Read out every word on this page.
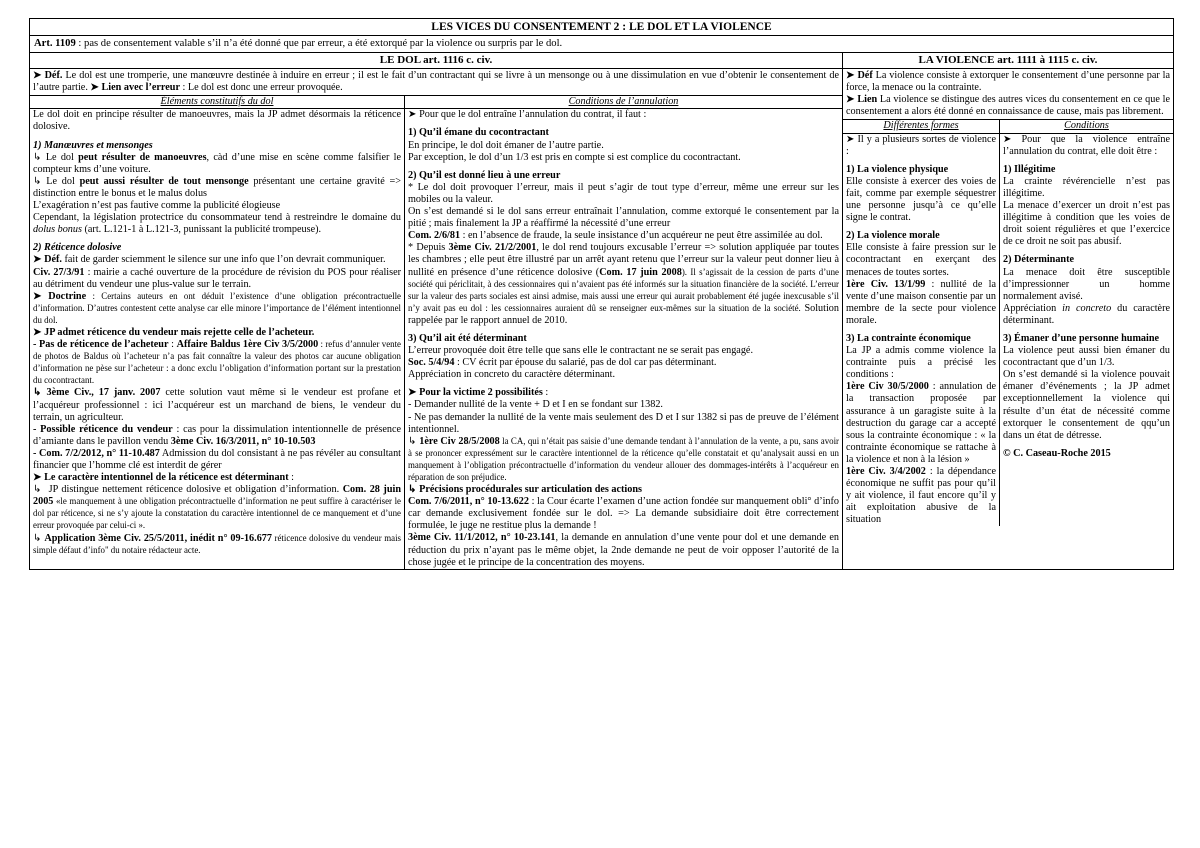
LES VICES DU CONSENTEMENT 2 : LE DOL ET LA VIOLENCE
Art. 1109 : pas de consentement valable s’il n’a été donné que par erreur, a été extorqué par la violence ou surpris par le dol.
LE DOL art. 1116 c. civ.

➤ Déf. Le dol est une tromperie, une manœuvre destinée à induire en erreur ; il est le fait d’un contractant qui se livre à un mensonge ou à une dissimulation en vue d’obtenir le consentement de l’autre partie. ➤ Lien avec l’erreur : Le dol est donc une erreur provoquée.

Éléments constitutifs du dol	Conditions de l’annulation

Le dol doit en principe résulter de manoeuvres, mais la JP admet désormais la réticence dolosive.

1) Manœuvres et mensonges

↳ Le dol peut résulter de manoeuvres, càd d’une mise en scène comme falsifier le compteur kms d’une voiture.

↳ Le dol peut aussi résulter de tout mensonge présentant une certaine gravité => distinction entre le bonus et le malus dolus

L’exagération n’est pas fautive comme la publicité élogieuse

Cependant, la législation protectrice du consommateur tend à restreindre le domaine du dolus bonus (art. L.121-1 à L.121-3, punissant la publicité trompeuse).

2) Réticence dolosive

➤ Déf. fait de garder sciemment le silence sur une info que l’on devrait communiquer.

Civ. 27/3/91 : mairie a caché ouverture de la procédure de révision du POS pour réaliser au détriment du vendeur une plus-value sur le terrain.

➤ Doctrine : Certains auteurs en ont déduit l’existence d’une obligation précontractuelle d’information. D’autres contestent cette analyse car elle minore l’importance de l’élément intentionnel du dol.

➤ JP admet réticence du vendeur mais rejette celle de l’acheteur.

- Pas de réticence de l’acheteur : Affaire Baldus 1ère Civ 3/5/2000 : refus d’annuler vente de photos de Baldus où l’acheteur n’a pas fait connaître la valeur des photos car aucune obligation d’information ne pèse sur l’acheteur : a donc exclu l’obligation d’information portant sur la prestation du cocontractant.

↳ 3ème Civ., 17 janv. 2007 cette solution vaut même si le vendeur est profane et l’acquéreur professionnel : ici l’acquéreur est un marchand de biens, le vendeur du terrain, un agriculteur.

- Possible réticence du vendeur : cas pour la dissimulation intentionnelle de présence d’amiante dans le pavillon vendu 3ème Civ. 16/3/2011, n° 10-10.503

- Com. 7/2/2012, n° 11-10.487 Admission du dol consistant à ne pas révéler au consultant financier que l’homme clé est interdit de gérer

➤ Le caractère intentionnel de la réticence est déterminant :

↳  JP distingue nettement réticence dolosive et obligation d’information. Com. 28 juin 2005 «le manquement à une obligation précontractuelle d’information ne peut suffire à caractériser le dol par réticence, si ne s’y ajoute la constatation du caractère intentionnel de ce manquement et d’une erreur provoquée par celui-ci ».

↳ Application 3ème Civ. 25/5/2011, inédit n° 09-16.677 réticence dolosive du vendeur mais simple défaut d’info" du notaire rédacteur acte.

➤ Pour que le dol entraîne l’annulation du contrat, il faut :

1) Qu’il émane du cocontractant

En principe, le dol doit émaner de l’autre partie.

Par exception, le dol d’un 1/3 est pris en compte si est complice du cocontractant.

2) Qu’il est donné lieu à une erreur

* Le dol doit provoquer l’erreur, mais il peut s’agir de tout type d’erreur, même une erreur sur les mobiles ou la valeur.

On s’est demandé si le dol sans erreur entraînait l’annulation, comme extorqué le consentement par la pitié ; mais finalement la JP a réaffirmé la nécessité d’une erreur

Com. 2/6/81 : en l’absence de fraude, la seule insistance d’un acquéreur ne peut être assimilée au dol.

* Depuis 3ème Civ. 21/2/2001, le dol rend toujours excusable l’erreur => solution appliquée par toutes les chambres ; elle peut être illustré par un arrêt ayant retenu que l’erreur sur la valeur peut donner lieu à nullité en présence d’une réticence dolosive (Com. 17 juin 2008). Il s’agissait de la cession de parts d’une société qui périclitait, à des cessionnaires qui n’avaient pas été informés sur la situation financière de la société. L’erreur sur la valeur des parts sociales est ainsi admise, mais aussi une erreur qui aurait probablement été jugée inexcusable s’il n’y avait pas eu dol : les cessionnaires auraient dû se renseigner eux-mêmes sur la situation de la société. Solution rappelée par le rapport annuel de 2010.

3) Qu’il ait été déterminant

L’erreur provoquée doit être telle que sans elle le contractant ne se serait pas engagé.

Soc. 5/4/94 : CV écrit par épouse du salarié, pas de dol car pas déterminant.

Appréciation in concreto du caractère déterminant.

➤ Pour la victime 2 possibilités :

- Demander nullité de la vente + D et I en se fondant sur 1382.

- Ne pas demander la nullité de la vente mais seulement des D et I sur 1382 si pas de preuve de l’élément intentionnel.

↳ 1ère Civ 28/5/2008 la CA, qui n’était pas saisie d’une demande tendant à l’annulation de la vente, a pu, sans avoir à se prononcer expressément sur le caractère intentionnel de la réticence qu’elle constatait et qu’analysait aussi en un manquement à l’obligation précontractuelle d’information du vendeur allouer des dommages-intérêts à l’acquéreur en réparation de son préjudice.

↳ Précisions procédurales sur articulation des actions

Com. 7/6/2011, n° 10-13.622 : la Cour écarte l’examen d’une action fondée sur manquement obli° d’info car demande exclusivement fondée sur le dol. => La demande subsidiaire doit être correctement formulée, le juge ne restitue plus la demande !

3ème Civ. 11/1/2012, n° 10-23.141, la demande en annulation d’une vente pour dol et une demande en réduction du prix n’ayant pas le même objet, la 2nde demande ne peut de voir opposer l’autorité de la chose jugée et le principe de la concentration des moyens.

LA VIOLENCE art. 1111 à 1115 c. civ.

➤ Déf La violence consiste à extorquer le consentement d’une personne par la force, la menace ou la contrainte.

➤ Lien La violence se distingue des autres vices du consentement en ce que le consentement a alors été donné en connaissance de cause, mais pas librement.

Différentes formes	Conditions

➤ Il y a plusieurs sortes de violence :

1) La violence physique

Elle consiste à exercer des voies de fait, comme par exemple séquestrer une personne jusqu’à ce qu’elle signe le contrat.

2) La violence morale

Elle consiste à faire pression sur le cocontractant en exerçant des menaces de toutes sortes.

1ère Civ. 13/1/99 : nullité de la vente d’une maison consentie par un membre de la secte pour violence morale.

3) La contrainte économique

La JP a admis comme violence la contrainte puis a précisé les conditions :

1ère Civ 30/5/2000 : annulation de la transaction proposée par assurance à un garagiste suite à la destruction du garage car a accepté sous la contrainte économique : « la contrainte économique se rattache à la violence et non à la lésion »

1ère Civ. 3/4/2002 : la dépendance économique ne suffit pas pour qu’il y ait violence, il faut encore qu’il y ait exploitation abusive de la situation

➤ Pour que la violence entraîne l’annulation du contrat, elle doit être :

1) Illégitime

La crainte révérencielle n’est pas illégitime.

La menace d’exercer un droit n’est pas illégitime à condition que les voies de droit soient régulières et que l’exercice de ce droit ne soit pas abusif.

2) Déterminante

La menace doit être susceptible d’impressionner un homme normalement avisé.

Appréciation in concreto du caractère déterminant.

3) Émaner d’une personne humaine

La violence peut aussi bien émaner du cocontractant que d’un 1/3.

On s’est demandé si la violence pouvait émaner d’événements ; la JP admet exceptionnellement la violence qui résulte d’un état de nécessité comme extorquer le consentement de qqu’un dans un état de détresse.

© C. Caseau-Roche 2015
